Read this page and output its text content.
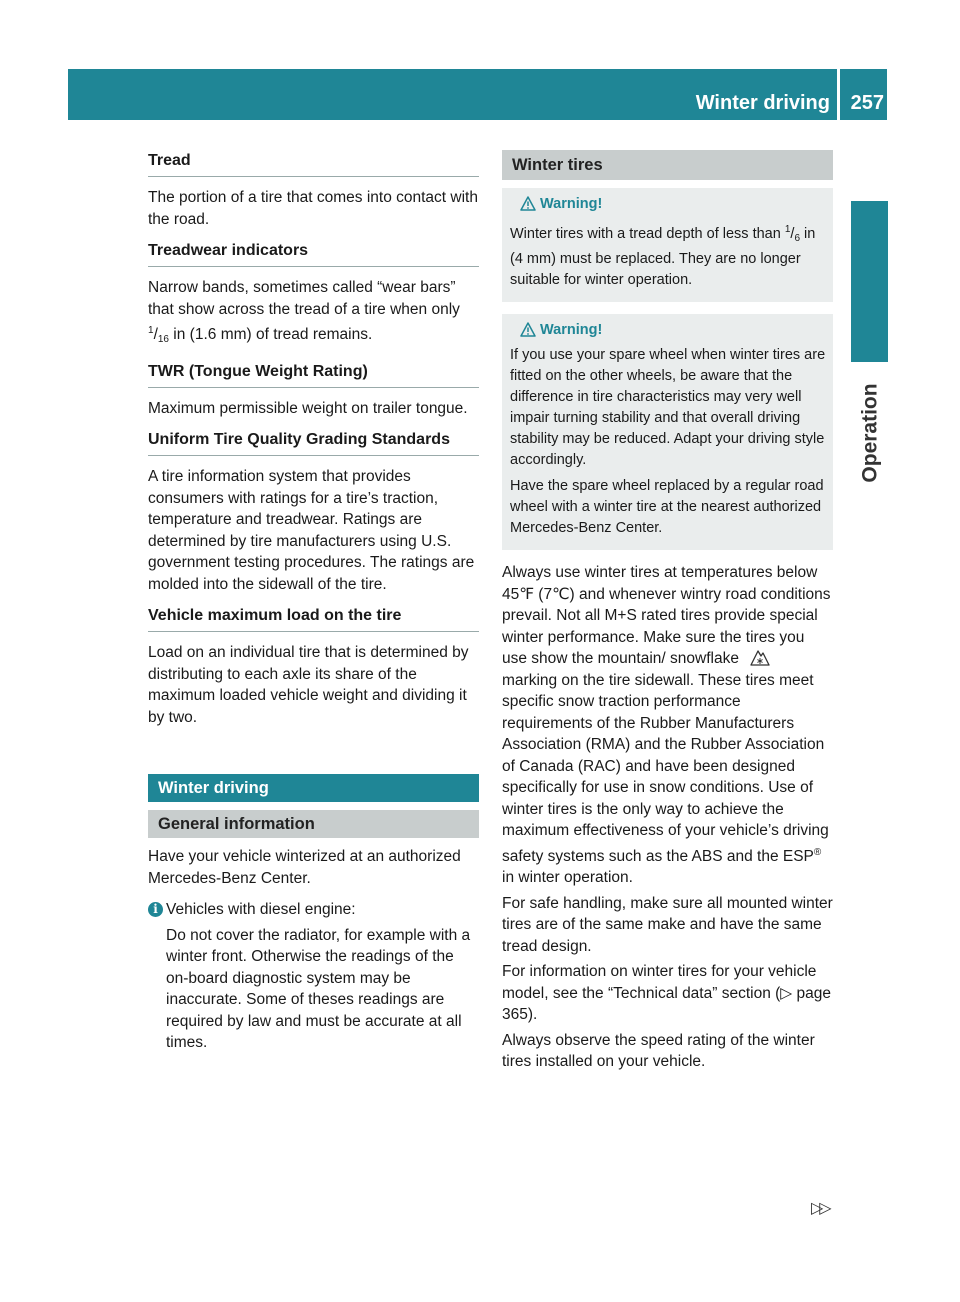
Winter driving 257
Operation
Tread

The portion of a tire that comes into contact with the road.

Treadwear indicators

Narrow bands, sometimes called “wear bars” that show across the tread of a tire when only $^1/_{16}$ in (1.6 mm) of tread remains.

TWR (Tongue Weight Rating)

Maximum permissible weight on trailer tongue.

Uniform Tire Quality Grading Standards

A tire information system that provides consumers with ratings for a tire’s traction, temperature and treadwear. Ratings are determined by tire manufacturers using U.S. government testing procedures. The ratings are molded into the sidewall of the tire.

Vehicle maximum load on the tire

Load on an individual tire that is determined by distributing to each axle its share of the maximum loaded vehicle weight and dividing it by two.

Winter driving
General information

Have your vehicle winterized at an authorized Mercedes-Benz Center.

i Vehicles with diesel engine:

Do not cover the radiator, for example with a winter front. Otherwise the readings of the on-board diagnostic system may be inaccurate. Some of theses readings are required by law and must be accurate at all times.

Winter tires
Warning!

Winter tires with a tread depth of less than $^1/_6$ in (4 mm) must be replaced. They are no longer suitable for winter operation.

Warning!

If you use your spare wheel when winter tires are fitted on the other wheels, be aware that the difference in tire characteristics may very well impair turning stability and that overall driving stability may be reduced. Adapt your driving style accordingly.

Have the spare wheel replaced by a regular road wheel with a winter tire at the nearest authorized Mercedes-Benz Center.

Always use winter tires at temperatures below 45℉ (7℃) and whenever wintry road conditions prevail. Not all M+S rated tires provide special winter performance. Make sure the tires you use show the mountain/ snowflake  marking on the tire sidewall. These tires meet specific snow traction performance requirements of the Rubber Manufacturers Association (RMA) and the Rubber Association of Canada (RAC) and have been designed specifically for use in snow conditions. Use of winter tires is the only way to achieve the maximum effectiveness of your vehicle’s driving safety systems such as the ABS and the ESP® in winter operation.

For safe handling, make sure all mounted winter tires are of the same make and have the same tread design.

For information on winter tires for your vehicle model, see the “Technical data” section (▷ page 365).

Always observe the speed rating of the winter tires installed on your vehicle.

▷▷
